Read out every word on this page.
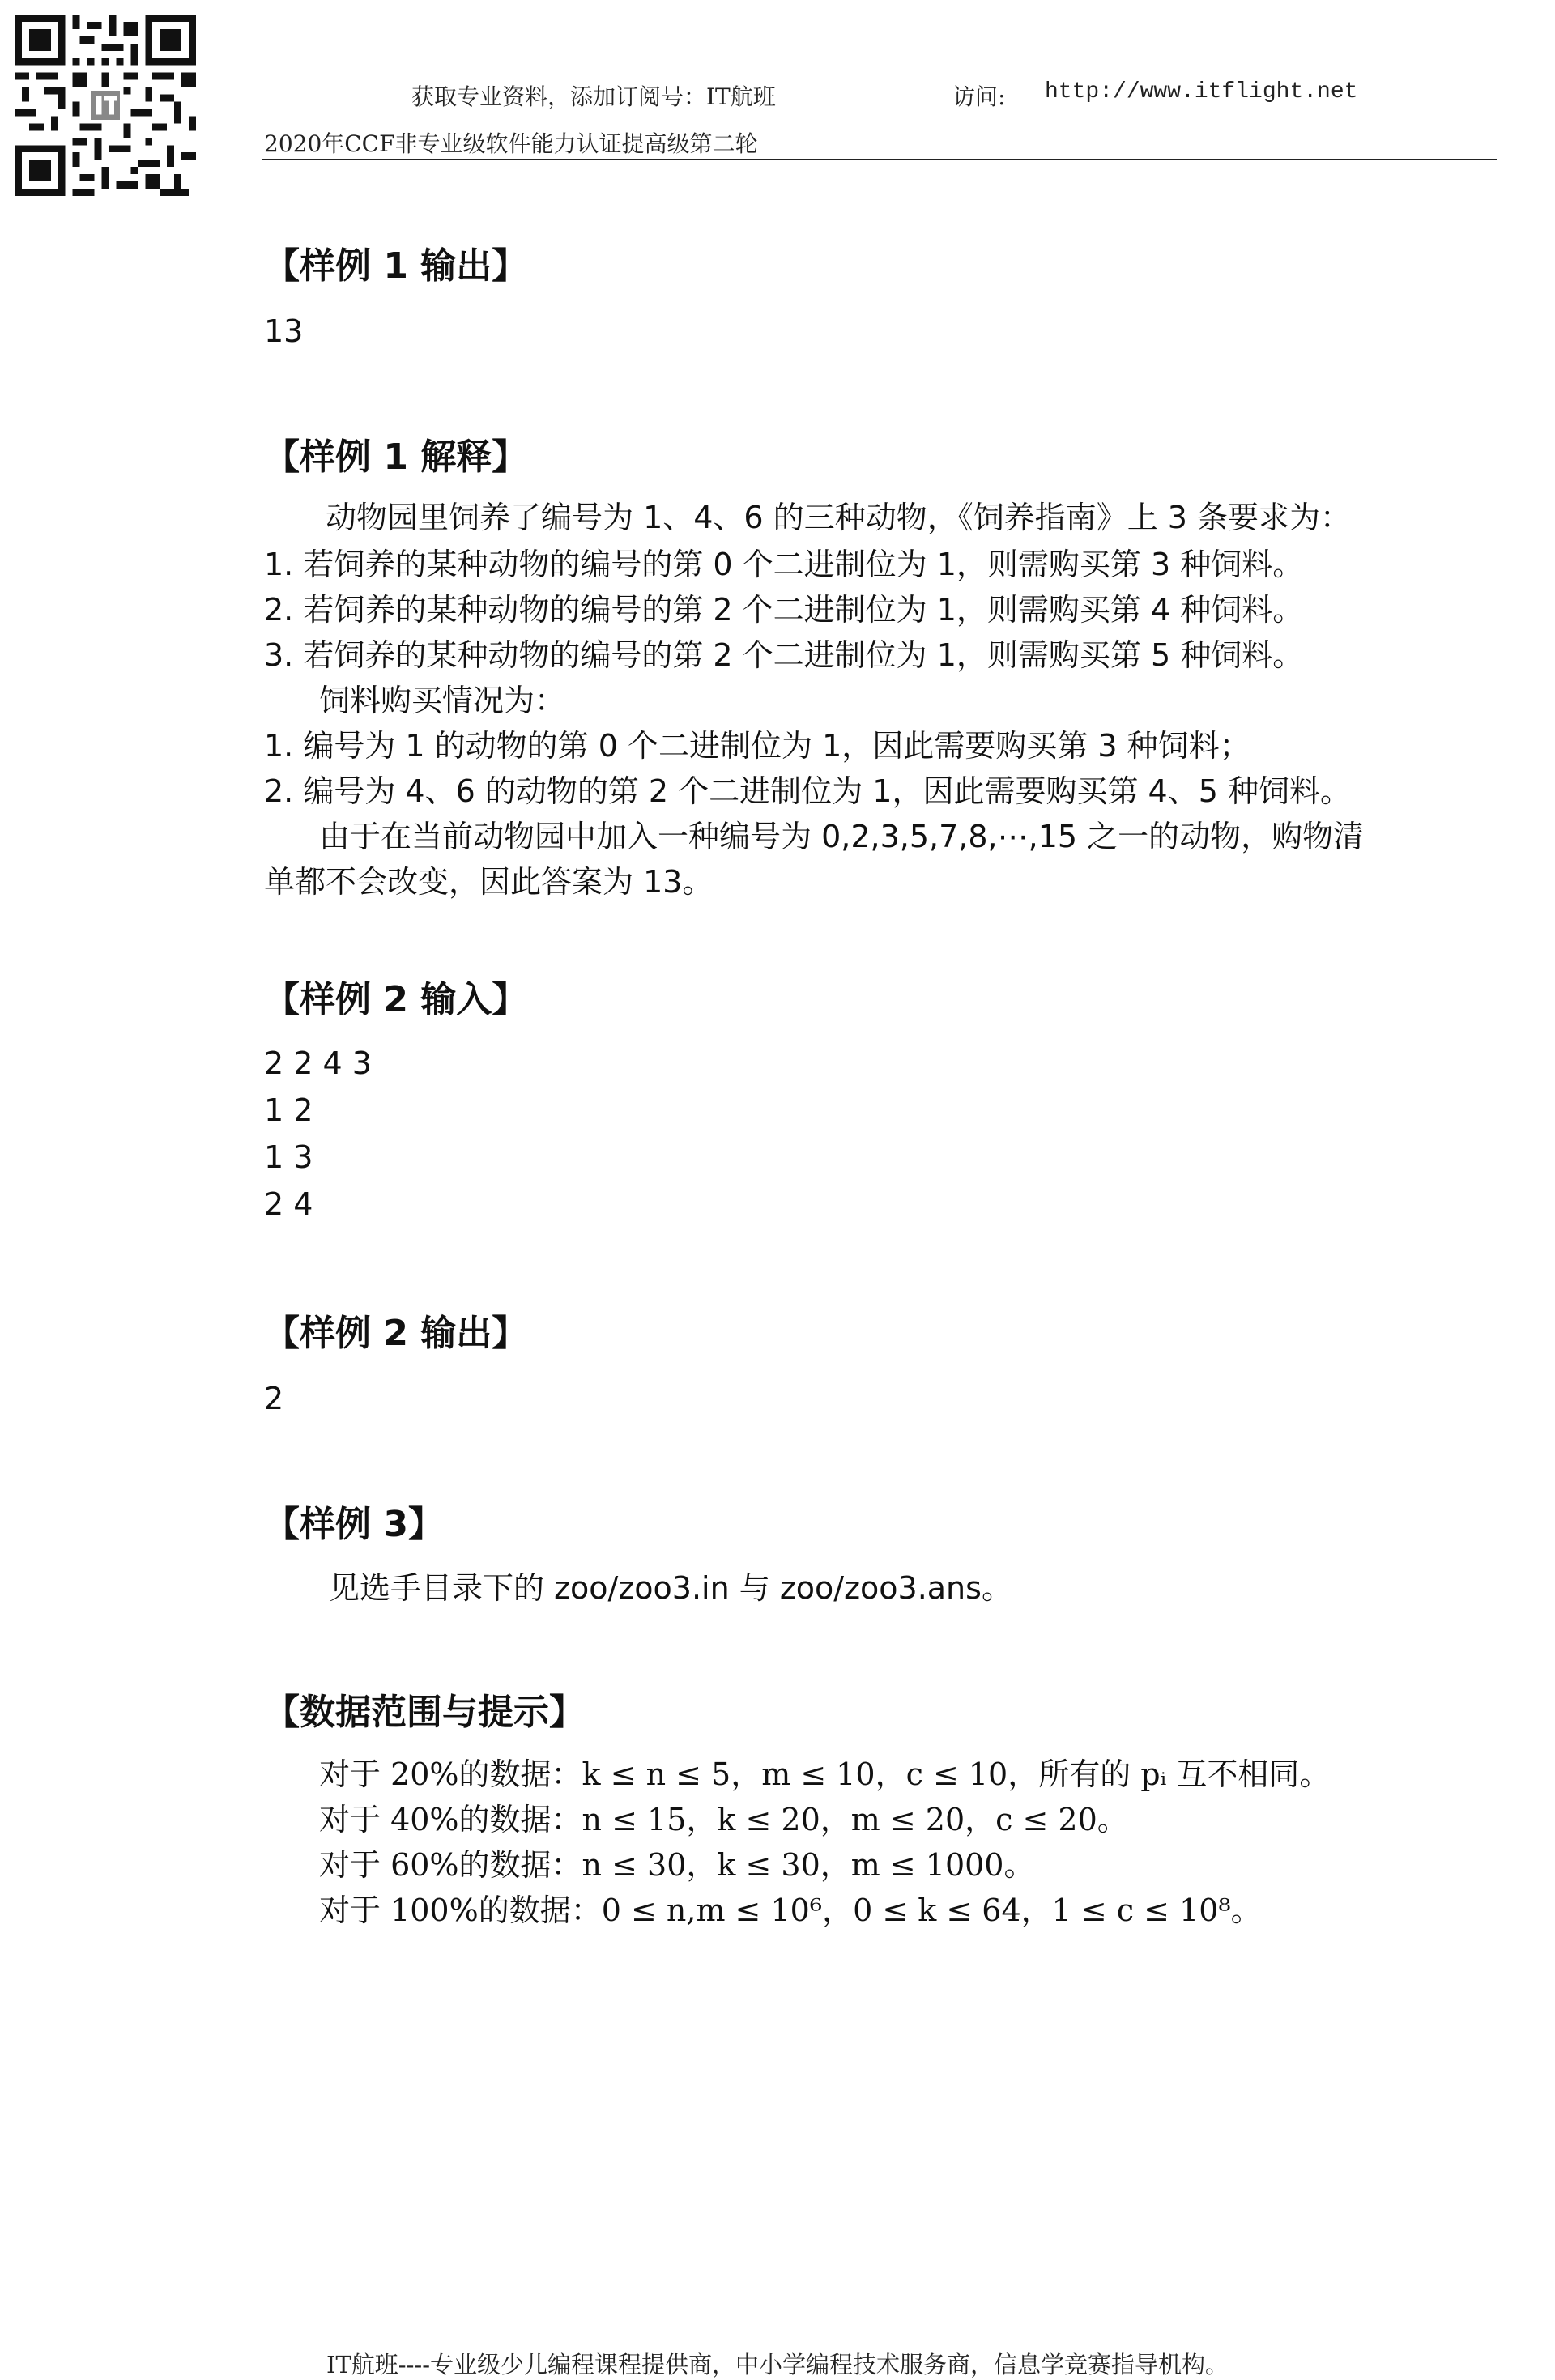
获取专业资料，添加订阅号：IT航班	访问: http://www.itflight.net
2020年CCF非专业级软件能力认证提高级第二轮
【样例 1 输出】
13
【样例 1 解释】
动物园里饲养了编号为 1、4、6 的三种动物，《饲养指南》上 3 条要求为：
1. 若饲养的某种动物的编号的第 0 个二进制位为 1，则需购买第 3 种饲料。
2. 若饲养的某种动物的编号的第 2 个二进制位为 1，则需购买第 4 种饲料。
3. 若饲养的某种动物的编号的第 2 个二进制位为 1，则需购买第 5 种饲料。
饲料购买情况为：
1. 编号为 1 的动物的第 0 个二进制位为 1，因此需要购买第 3 种饲料；
2. 编号为 4、6 的动物的第 2 个二进制位为 1，因此需要购买第 4、5 种饲料。
由于在当前动物园中加入一种编号为 0,2,3,5,7,8,⋯,15 之一的动物，购物清
单都不会改变，因此答案为 13。
【样例 2 输入】
2 2 4 3
1 2
1 3
2 4
【样例 2 输出】
2
【样例 3】
见选手目录下的 zoo/zoo3.in 与 zoo/zoo3.ans。
【数据范围与提示】
对于 20%的数据：k ≤ n ≤ 5，m ≤ 10，c ≤ 10，所有的 pᵢ 互不相同。
对于 40%的数据：n ≤ 15，k ≤ 20，m ≤ 20，c ≤ 20。
对于 60%的数据：n ≤ 30，k ≤ 30，m ≤ 1000。
对于 100%的数据：0 ≤ n,m ≤ 10⁶，0 ≤ k ≤ 64，1 ≤ c ≤ 10⁸。
IT航班----专业级少儿编程课程提供商，中小学编程技术服务商，信息学竞赛指导机构。
